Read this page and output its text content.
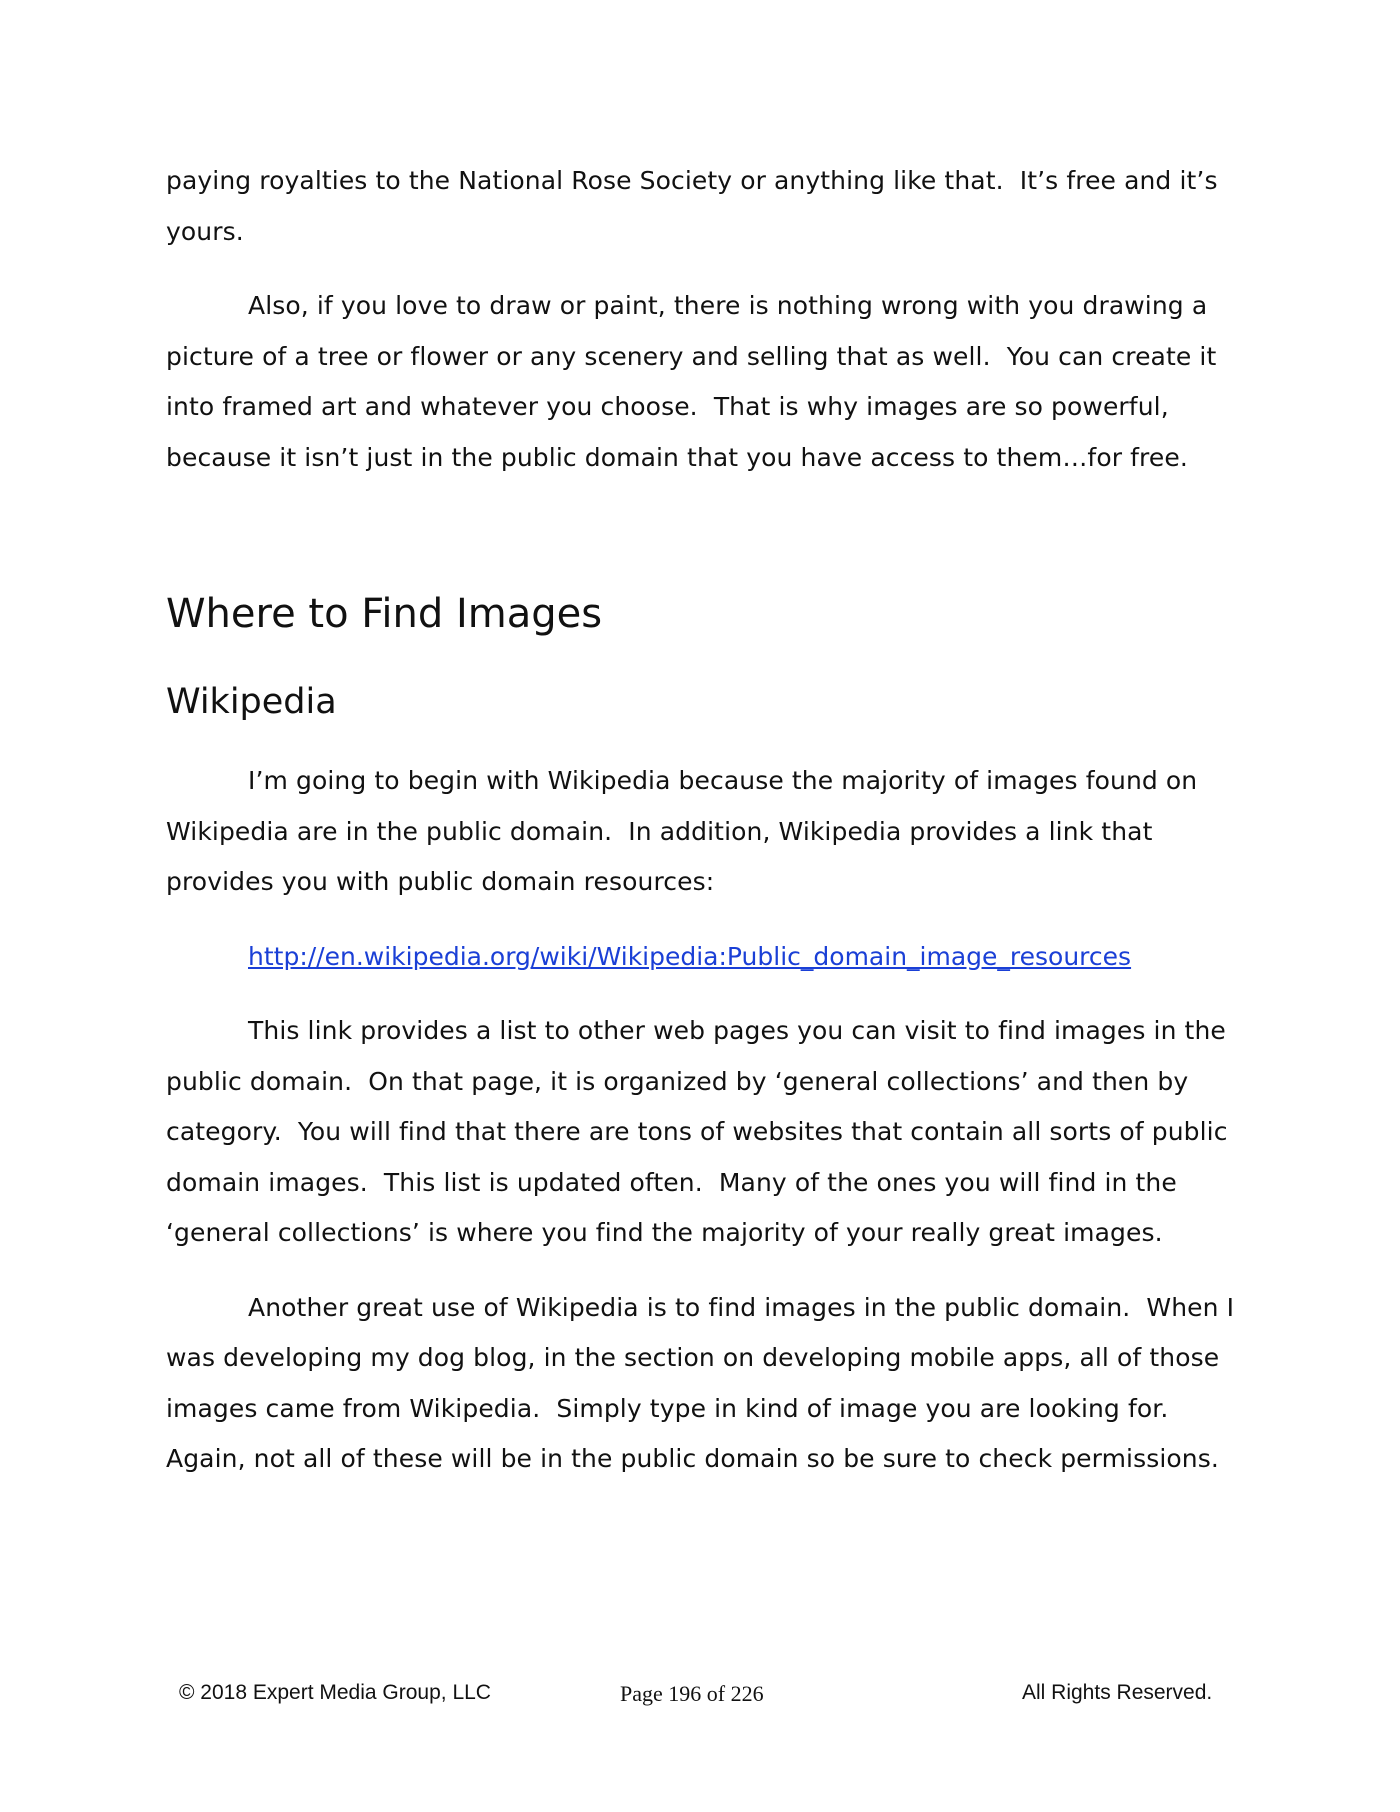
paying royalties to the National Rose Society or anything like that.  It’s free and it’s yours.

Also, if you love to draw or paint, there is nothing wrong with you drawing a picture of a tree or flower or any scenery and selling that as well.  You can create it into framed art and whatever you choose.  That is why images are so powerful, because it isn’t just in the public domain that you have access to them…for free.

Where to Find Images
Wikipedia

I’m going to begin with Wikipedia because the majority of images found on Wikipedia are in the public domain.  In addition, Wikipedia provides a link that provides you with public domain resources:

http://en.wikipedia.org/wiki/Wikipedia:Public_domain_image_resources

This link provides a list to other web pages you can visit to find images in the public domain.  On that page, it is organized by ‘general collections’ and then by category.  You will find that there are tons of websites that contain all sorts of public domain images.  This list is updated often.  Many of the ones you will find in the ‘general collections’ is where you find the majority of your really great images.

Another great use of Wikipedia is to find images in the public domain.  When I was developing my dog blog, in the section on developing mobile apps, all of those images came from Wikipedia.  Simply type in kind of image you are looking for.  Again, not all of these will be in the public domain so be sure to check permissions.

© 2018 Expert Media Group, LLC	Page 196 of 226	All Rights Reserved.
